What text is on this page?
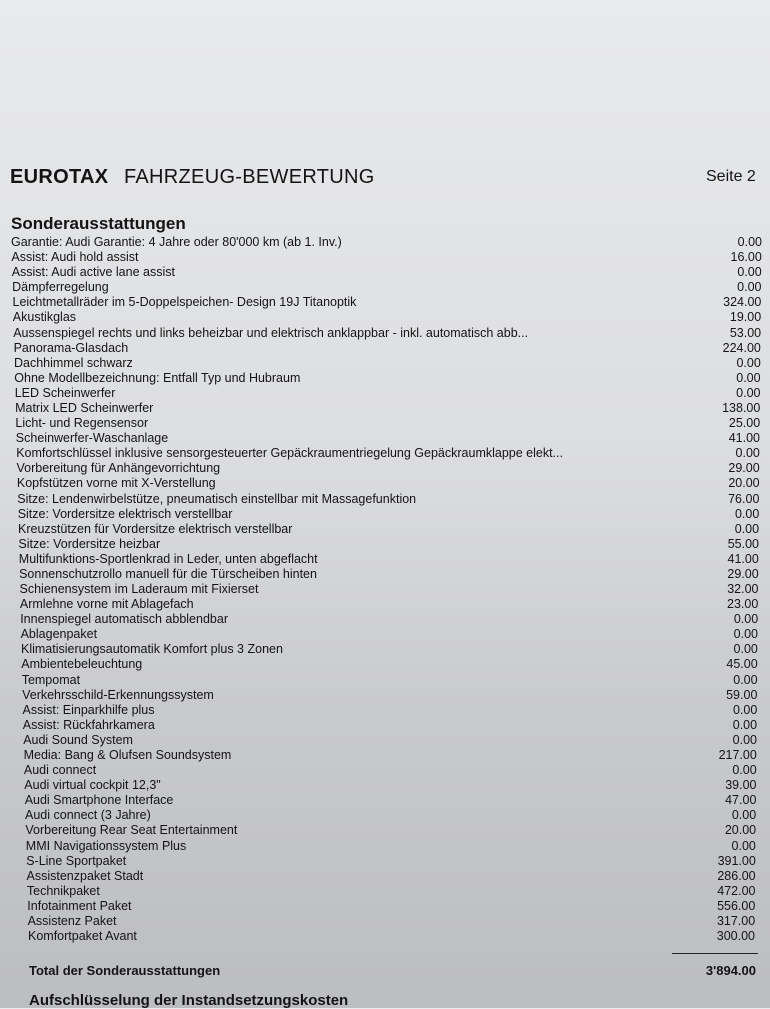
EUROTAX FAHRZEUG-BEWERTUNG	Seite 2
Sonderausstattungen
Garantie: Audi Garantie: 4 Jahre oder 80'000 km (ab 1. Inv.)	0.00
Assist: Audi hold assist	16.00
Assist: Audi active lane assist	0.00
Dämpferregelung	0.00
Leichtmetallräder im 5-Doppelspeichen- Design 19J Titanoptik	324.00
Akustikglas	19.00
Aussenspiegel rechts und links beheizbar und elektrisch anklappbar - inkl. automatisch abb...	53.00
Panorama-Glasdach	224.00
Dachhimmel schwarz	0.00
Ohne Modellbezeichnung: Entfall Typ und Hubraum	0.00
LED Scheinwerfer	0.00
Matrix LED Scheinwerfer	138.00
Licht- und Regensensor	25.00
Scheinwerfer-Waschanlage	41.00
Komfortschlüssel inklusive sensorgesteuerter Gepäckraumentriegelung Gepäckraumklappe elekt...	0.00
Vorbereitung für Anhängevorrichtung	29.00
Kopfstützen vorne mit X-Verstellung	20.00
Sitze: Lendenwirbelstütze, pneumatisch einstellbar mit Massagefunktion	76.00
Sitze: Vordersitze elektrisch verstellbar	0.00
Kreuzstützen für Vordersitze elektrisch verstellbar	0.00
Sitze: Vordersitze heizbar	55.00
Multifunktions-Sportlenkrad in Leder, unten abgeflacht	41.00
Sonnenschutzrollo manuell für die Türscheiben hinten	29.00
Schienensystem im Laderaum mit Fixierset	32.00
Armlehne vorne mit Ablagefach	23.00
Innenspiegel automatisch abblendbar	0.00
Ablagenpaket	0.00
Klimatisierungsautomatik Komfort plus 3 Zonen	0.00
Ambientebeleuchtung	45.00
Tempomat	0.00
Verkehrsschild-Erkennungssystem	59.00
Assist: Einparkhilfe plus	0.00
Assist: Rückfahrkamera	0.00
Audi Sound System	0.00
Media: Bang & Olufsen Soundsystem	217.00
Audi connect	0.00
Audi virtual cockpit 12,3"	39.00
Audi Smartphone Interface	47.00
Audi connect (3 Jahre)	0.00
Vorbereitung Rear Seat Entertainment	20.00
MMI Navigationssystem Plus	0.00
S-Line Sportpaket	391.00
Assistenzpaket Stadt	286.00
Technikpaket	472.00
Infotainment Paket	556.00
Assistenz Paket	317.00
Komfortpaket Avant	300.00
Total der Sonderausstattungen	3'894.00
Aufschlüsselung der Instandsetzungskosten
